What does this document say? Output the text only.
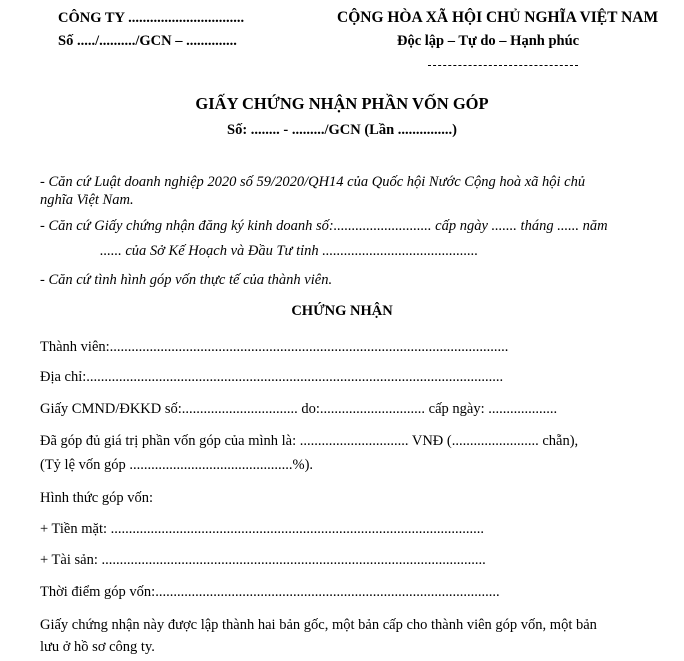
CÔNG TY ................................
Số ...../........../GCN – ..............
CỘNG HÒA XÃ HỘI CHỦ NGHĨA VIỆT NAM
Độc lập – Tự do – Hạnh phúc
GIẤY CHỨNG NHẬN PHẦN VỐN GÓP
Số: ........ - ........./GCN (Lần ...............)
- Căn cứ Luật doanh nghiệp 2020 số 59/2020/QH14 của Quốc hội Nước Cộng hoà xã hội chủ
nghĩa Việt Nam.
- Căn cứ Giấy chứng nhận đăng ký kinh doanh số:........................... cấp ngày ....... tháng ...... năm
...... của Sở Kế Hoạch và Đầu Tư tỉnh ...........................................
- Căn cứ tình hình góp vốn thực tế của thành viên.
CHỨNG NHẬN
Thành viên:..............................................................................................................
Địa chỉ:...................................................................................................................
Giấy CMND/ĐKKD số:................................ do:............................. cấp ngày: ...................
Đã góp đủ giá trị phần vốn góp của mình là: .............................. VNĐ (........................ chẵn),
(Tỷ lệ vốn góp .............................................%).
Hình thức góp vốn:
+ Tiền mặt: .......................................................................................................
+ Tài sản: ..........................................................................................................
Thời điểm góp vốn:...............................................................................................
Giấy chứng nhận này được lập thành hai bản gốc, một bản cấp cho thành viên góp vốn, một bản
lưu ở hồ sơ công ty.
